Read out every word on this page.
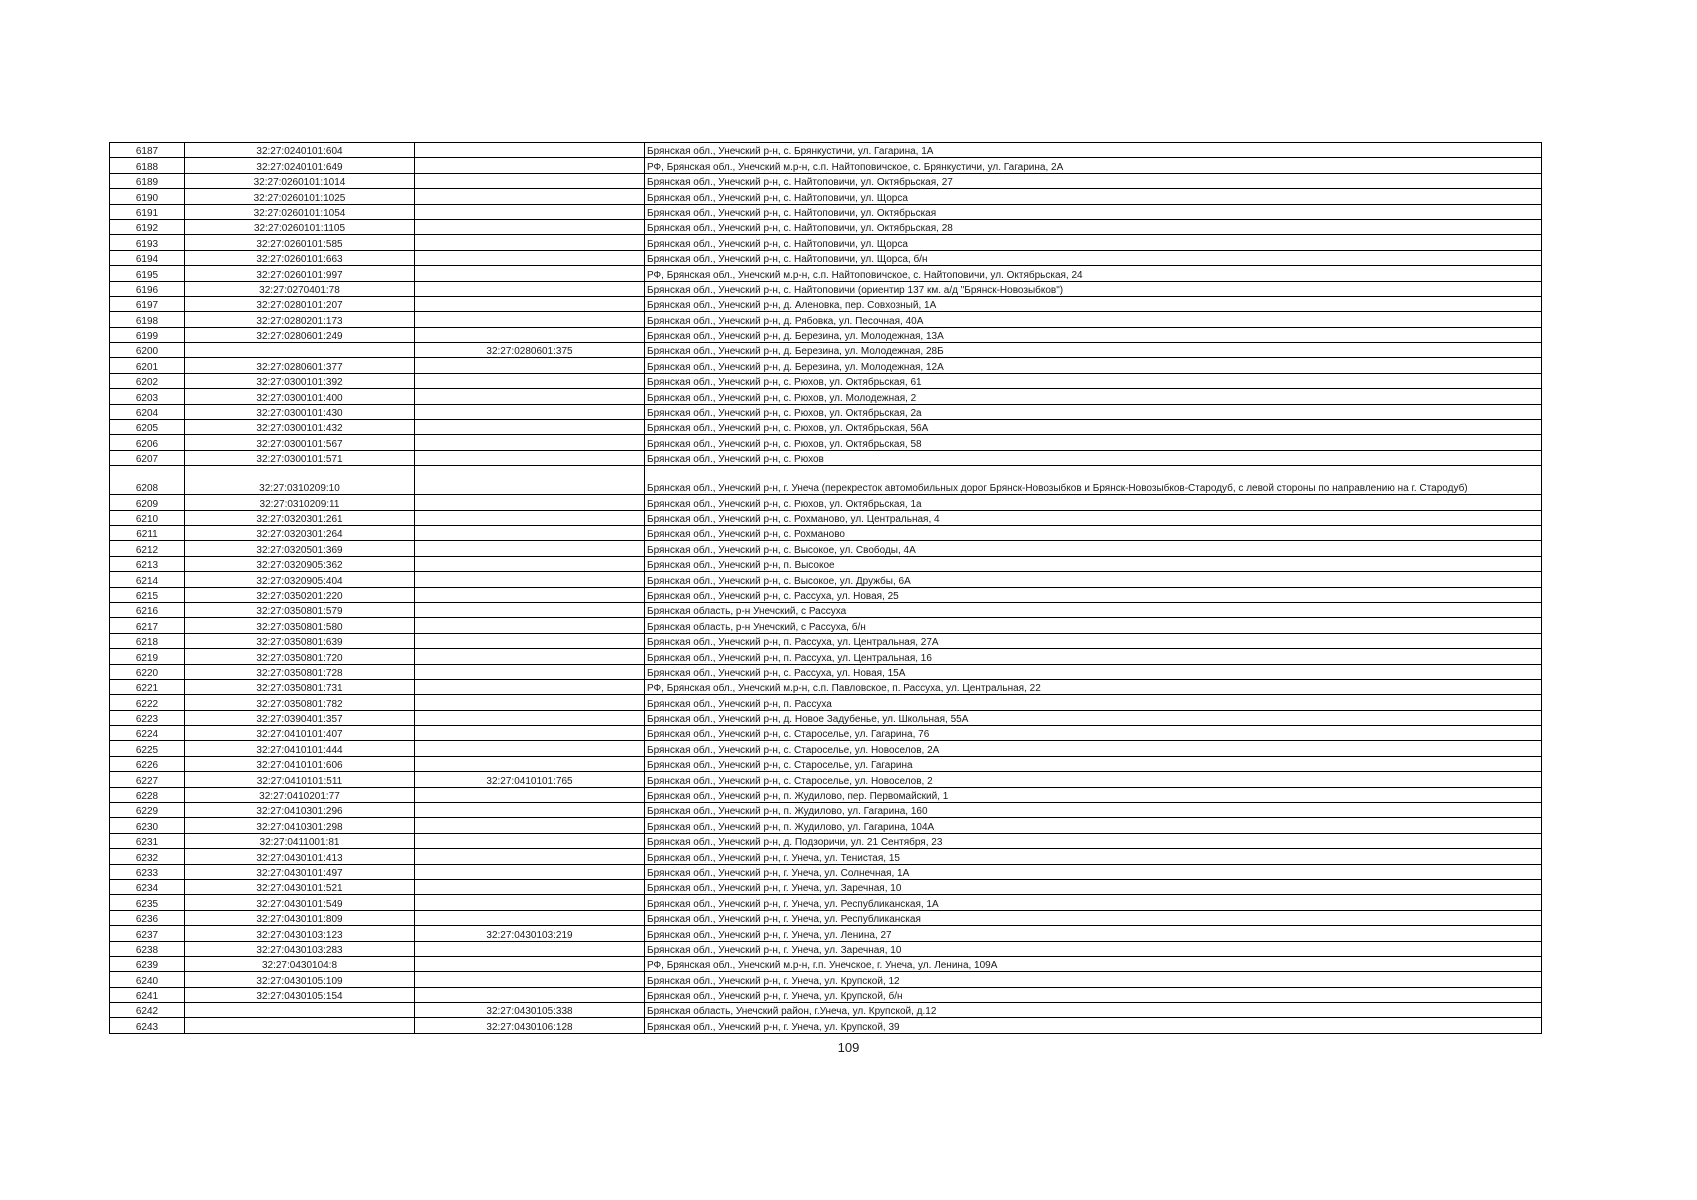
6187	32:27:0240101:604		Брянская обл., Унечский р-н, с. Брянкустичи, ул. Гагарина, 1А
6188	32:27:0240101:649		РФ, Брянская обл., Унечский м.р-н, с.п. Найтоповичское, с. Брянкустичи, ул. Гагарина, 2А
6189	32:27:0260101:1014		Брянская обл., Унечский р-н, с. Найтоповичи, ул. Октябрьская, 27
6190	32:27:0260101:1025		Брянская обл., Унечский р-н, с. Найтоповичи, ул. Щорса
6191	32:27:0260101:1054		Брянская обл., Унечский р-н, с. Найтоповичи, ул. Октябрьская
6192	32:27:0260101:1105		Брянская обл., Унечский р-н, с. Найтоповичи, ул. Октябрьская, 28
6193	32:27:0260101:585		Брянская обл., Унечский р-н, с. Найтоповичи, ул. Щорса
6194	32:27:0260101:663		Брянская обл., Унечский р-н, с. Найтоповичи, ул. Щорса, б/н
6195	32:27:0260101:997		РФ, Брянская обл., Унечский м.р-н, с.п. Найтоповичское, с. Найтоповичи, ул. Октябрьская, 24
6196	32:27:0270401:78		Брянская обл., Унечский р-н, с. Найтоповичи (ориентир 137 км. а/д "Брянск-Новозыбков")
6197	32:27:0280101:207		Брянская обл., Унечский р-н, д. Аленовка, пер. Совхозный, 1А
6198	32:27:0280201:173		Брянская обл., Унечский р-н, д. Рябовка, ул. Песочная, 40А
6199	32:27:0280601:249		Брянская обл., Унечский р-н, д. Березина, ул. Молодежная, 13А
6200		32:27:0280601:375	Брянская обл., Унечский р-н, д. Березина, ул. Молодежная, 28Б
6201	32:27:0280601:377		Брянская обл., Унечский р-н, д. Березина, ул. Молодежная, 12А
6202	32:27:0300101:392		Брянская обл., Унечский р-н, с. Рюхов, ул. Октябрьская, 61
6203	32:27:0300101:400		Брянская обл., Унечский р-н, с. Рюхов, ул. Молодежная, 2
6204	32:27:0300101:430		Брянская обл., Унечский р-н, с. Рюхов, ул. Октябрьская, 2а
6205	32:27:0300101:432		Брянская обл., Унечский р-н, с. Рюхов, ул. Октябрьская, 56А
6206	32:27:0300101:567		Брянская обл., Унечский р-н, с. Рюхов, ул. Октябрьская, 58
6207	32:27:0300101:571		Брянская обл., Унечский р-н, с. Рюхов
6208	32:27:0310209:10		Брянская обл., Унечский р-н, г. Унеча (перекресток автомобильных дорог Брянск-Новозыбков и Брянск-Новозыбков-Стародуб, с левой стороны по направлению на г. Стародуб)
6209	32:27:0310209:11		Брянская обл., Унечский р-н, с. Рюхов, ул. Октябрьская, 1а
6210	32:27:0320301:261		Брянская обл., Унечский р-н, с. Рохманово, ул. Центральная, 4
6211	32:27:0320301:264		Брянская обл., Унечский р-н, с. Рохманово
6212	32:27:0320501:369		Брянская обл., Унечский р-н, с. Высокое, ул. Свободы, 4А
6213	32:27:0320905:362		Брянская обл., Унечский р-н, п. Высокое
6214	32:27:0320905:404		Брянская обл., Унечский р-н, с. Высокое, ул. Дружбы, 6А
6215	32:27:0350201:220		Брянская обл., Унечский р-н, с. Рассуха, ул. Новая, 25
6216	32:27:0350801:579		Брянская область, р-н Унечский, с Рассуха
6217	32:27:0350801:580		Брянская область, р-н Унечский, с Рассуха, б/н
6218	32:27:0350801:639		Брянская обл., Унечский р-н, п. Рассуха, ул. Центральная, 27А
6219	32:27:0350801:720		Брянская обл., Унечский р-н, п. Рассуха, ул. Центральная, 16
6220	32:27:0350801:728		Брянская обл., Унечский р-н, с. Рассуха, ул. Новая, 15А
6221	32:27:0350801:731		РФ, Брянская обл., Унечский м.р-н, с.п. Павловское, п. Рассуха, ул. Центральная, 22
6222	32:27:0350801:782		Брянская обл., Унечский р-н, п. Рассуха
6223	32:27:0390401:357		Брянская обл., Унечский р-н, д. Новое Задубенье, ул. Школьная, 55А
6224	32:27:0410101:407		Брянская обл., Унечский р-н, с. Староселье, ул. Гагарина, 76
6225	32:27:0410101:444		Брянская обл., Унечский р-н, с. Староселье, ул. Новоселов, 2А
6226	32:27:0410101:606		Брянская обл., Унечский р-н, с. Староселье, ул. Гагарина
6227	32:27:0410101:511	32:27:0410101:765	Брянская обл., Унечский р-н, с. Староселье, ул. Новоселов, 2
6228	32:27:0410201:77		Брянская обл., Унечский р-н, п. Жудилово, пер. Первомайский, 1
6229	32:27:0410301:296		Брянская обл., Унечский р-н, п. Жудилово, ул. Гагарина, 160
6230	32:27:0410301:298		Брянская обл., Унечский р-н, п. Жудилово, ул. Гагарина, 104А
6231	32:27:0411001:81		Брянская обл., Унечский р-н, д. Подзоричи, ул. 21 Сентября, 23
6232	32:27:0430101:413		Брянская обл., Унечский р-н, г. Унеча, ул. Тенистая, 15
6233	32:27:0430101:497		Брянская обл., Унечский р-н, г. Унеча, ул. Солнечная, 1А
6234	32:27:0430101:521		Брянская обл., Унечский р-н, г. Унеча, ул. Заречная, 10
6235	32:27:0430101:549		Брянская обл., Унечский р-н, г. Унеча, ул. Республиканская, 1А
6236	32:27:0430101:809		Брянская обл., Унечский р-н, г. Унеча, ул. Республиканская
6237	32:27:0430103:123	32:27:0430103:219	Брянская обл., Унечский р-н, г. Унеча, ул. Ленина, 27
6238	32:27:0430103:283		Брянская обл., Унечский р-н, г. Унеча, ул. Заречная, 10
6239	32:27:0430104:8		РФ, Брянская обл., Унечский м.р-н, г.п. Унечское, г. Унеча, ул. Ленина, 109А
6240	32:27:0430105:109		Брянская обл., Унечский р-н, г. Унеча, ул. Крупской, 12
6241	32:27:0430105:154		Брянская обл., Унечский р-н, г. Унеча, ул. Крупской, б/н
6242		32:27:0430105:338	Брянская область, Унечский район, г.Унеча, ул. Крупской, д.12
6243		32:27:0430106:128	Брянская обл., Унечский р-н, г. Унеча, ул. Крупской, 39
109
